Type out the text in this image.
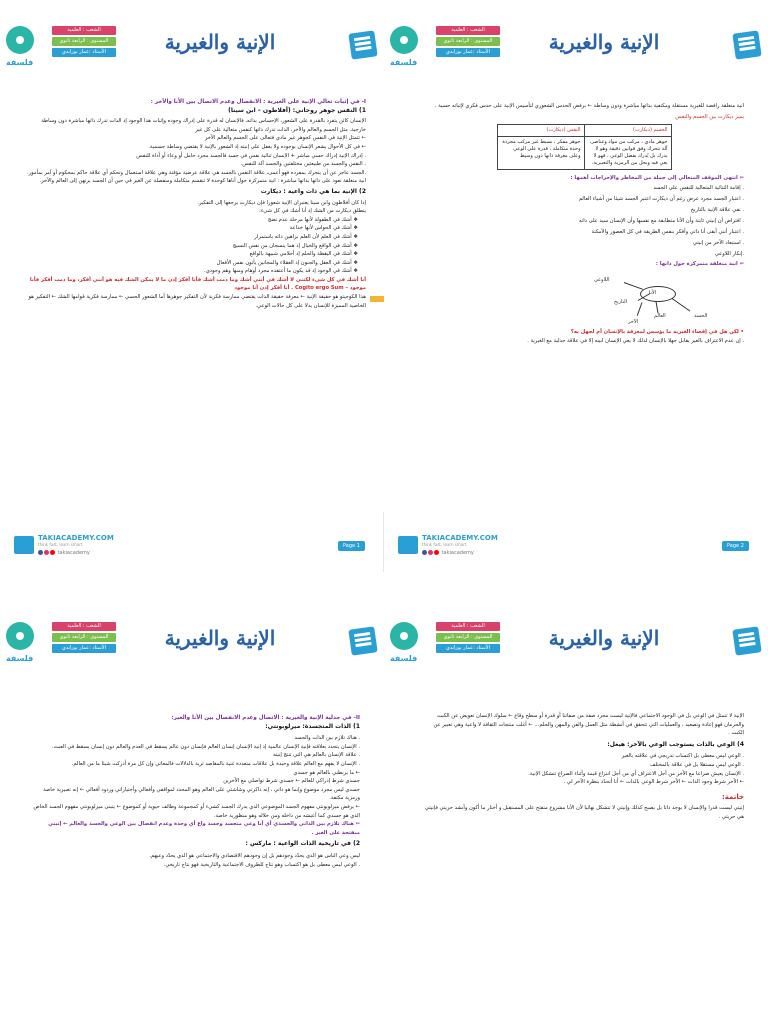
فلسفة
الشعب : العلمية
المستوى : الرابعة ثانوي
الأستاذ :عمار بوزايدي	الإنية والغيرية

I- في إثبات تعالي الإنية على الغيرية : الانفصال وعدم الاتصال بين الأنا والآخر :

1) النفس جوهر روحاني: (أفلاطون – ابن سينا)

الإنسان كائن يتفرد بالقدرة على الشعور، الإحساس بذاته، فالإنسان له قدرة على إدراك وجوده وإثبات هذا الوجود إذ الذات تدرك ذاتها مباشرة دون وساطة خارجية. مثل الجسم والعالم والآخر، الذات تدرك ذاتها كنفس متعالية على كل غير

← تتمثل الإنية في النفس كجوهر غير مادي فتعالى على الجسم والعالم الآخر

← في كل الأحوال يشعر الإنسان بوجوده ولا يغفل على إنيته إذ الشعور بالإنية لا يقتضي وساطة جسمية.

. إدراك الإنية إدراك حسي مباشر + الإنسان ثنائية نفس في جسد فالجسد مجرد حامل أو وعاء أو أداة للنفس

. النفس والجسد من طبيعتين مختلفتين والجسد آلة للنفس.

.الجسد عاجز عن أن يتحرك بمفرده فهو أعمى، علاقة النفس بالجسد هي علاقة عرضية مؤقتة وهي علاقة استعمال وتحكم أي علاقة حاكم بمحكوم أو آمر بمأمور.

انية منغلقة تعود على ذاتها بذاتها مباشرة : انية متمركزة حول أناها كوحدة لا تنقسم متكاملة ومنفصلة عن الغير في حين أن الجسد يرتهن إلى العالم والآخر.

2) الإنية بما هي ذات واعية : ديكارت

إذا كان أفلاطون وابن سينا يعتبران الإنية شعورا فإن ديكارت يرجعها إلى التفكير.

ينطلق ديكارت من الشك إذ أنا أشك في كل شيء:

❖ أشك في الطفولة لأنها مرحلة عدم نضج
❖ أشك في الحواس لأنها خداعة
❖ أشك في العلم لأن العلم براهين ذاته باستمرار
❖ أشك في الواقع والخيال إذ هما ينسجان من نفس النسيج
❖ أشك في اليقظة والحلم إذ أحلامي شبيهة بالواقع
❖ أشك في العقل والجنون إذ العقلاء والمجانين يأتون نفس الأفعال
❖ أشك في الوجود إذ قد يكون ما أعتقده مجرد أوهام ومنها وهم وجودي.

أنا أشك في كل شيء لكنني لا أشك في أنني أشك وما دمت أشك فأنا أفكر إذن ما لا يمكن الشك فيه هو أنني أفكر، وما دمت أفكر فأنا موجود – Cogito ergo Sum . أنا أفكر إذن أنا موجود

هذا الكوجيتو هو حقيقة الإنية ← معرفة حقيقة الذات يقتضي ممارسة فكرية لأن التفكير جوهرها أما الشعور الحسي ← ممارسة فكرية قوامها الشك ← التفكير هو الخاصية المميزة للإنسان بدلا على كل حالات الوعي.

فلسفة
الشعب : العلمية
المستوى : الرابعة ثانوي
الأستاذ :عمار بوزايدي	الإنية والغيرية

انية منغلقة رافضة للغيرية مستقلة ومكتفية بذاتها مباشرة ودون وساطة ← برفض الحدس الشعوري لتأسيس الإنية على حدس فكري لإثباته حسية .

يميز ديكارت بين الجسم والنفس

الجسم (ديكارت)	النفس (ديكارت)
جوهر مادي ، مركب من مواد وعناصر، آلة تتحرك وفق قوانين دقيقة وهو لا يدرك بل يُدرك بفضل الوعي ، فهو لا يعي فيه وبحل من الرمزية والتعبيرية.	جوهر مفكر ، بسيط غير مركب مجردة وحدة متكاملة ، قدرة على الوعي وعلى معرفة ذاتها دون وسيط

⇐ انتهى الموقف المتعالي إلى جملة من المخاطر والإحراجات أهمها :

. إقامة الثنائية المتعالية للنفس على الجسد
. اعتبار الجسد مجرد عرض رغم أن ديكارت اعتبر الجسد شيئا من أشياء العالم
. نفي علاقة الإنية بالتاريخ
. افتراض أن إنيتي ثابتة وأن الأنا متطابقة مع نفسها وأن الإنسان سيد على ذاته
. اعتبار أنني أبقى أنا ذاتي وأفكر بنفس الطريقة في كل العصور والأمكنة
. استبعاد الآخر من إنيتي
.إنكار اللاوعي

⇐ انية منغلقة متمركزة حول ذاتها :

الأنا
اللاوعي
التاريخ
العالم	الجسد
الآخر

• لكن هل في إقصاء الغيرية ما يؤسس لمعرفة بالإنسان أم لجهل به؟

. إن عدم الاعتراف بالغير يقابل جهلا بالإنسان لذلك لا يعي الإنسان انيته إلا في علاقة جدلية مع الغيرية .

TAKIACADEMY.COM
think fast, learn smart
takiacademy
Page 1
TAKIACADEMY.COM
think fast, learn smart
takiacademy
Page 2
فلسفة
الشعب : العلمية
المستوى : الرابعة ثانوي
الأستاذ :عمار بوزايدي	الإنية والغيرية

II- في جدلية الإنية والغيرية : الاتصال وعدم الانفصال بين الأنا والغير:

1) الذات المتجسدة: ميرلوبونتي:

. هناك تلازم بين الذات والجسد

. الإنسان يتحدد بعلاقته فإنية الإنسان عالمية إذ إنية الإنسان إنسان العالم فإنسان دون عالم يسقط في العدم والعالم دون إنسان يسقط في العبث.

. علاقة الإنسان بالعالم هي التي تنتج إنيته

. الإنسان لا يفهم مع العالم علاقة وحيدة بل علاقات متعددة غنية بالمقاصد ثرية بالدلالات فالمعاني وإن كل مرة أدركت شيئا ما من العالم.

← ما يربطني بالعالم هو جسدي

جسدي شرط إدراكي للعالم ← جسدي شرط تواصلي مع الآخرين

جسدي ليس مجرد موضوع وإنما هو ذاتي ، إنه ذاكرتي وشاشتي على العالم وهو المحدد لمواقفي وأفعالي وأختياراتي وردود أفعالي ← إنه تعبيرية خاصة ورمزية مكثفة.

← يرفض ميرلوبونتي مفهوم الجسد الموضوعي الذي يدرك الجسد كشيء أو كمجموعة وظائف حيوية أو كموضوع ← يتبنى ميرلوبونتي مفهوم الجسد الخاص الذي هو جسدي كما أعيشه من داخله ومن خلاله وهو منظورية خاصة.

⇐ هناك تلازم بين الذاتي والجسدي أي أنا وعي متجسد وجسد واع أي وحدة وعدم انفصال بين الوعي والجسد والعالم ← إنيتي منفتحة على الغير .

2) في تاريخية الذات الواعية : ماركس :

ليس وعي الناس هو الذي يحدّد وجودهم بل إن وجودهم الاقتصادي والاجتماعي هو الذي يحدّد وعيهم.

. الوعي ليس معطى بل هو اكتساب وهو نتاج للظروف الاجتماعية والتاريخية فهو نتاج تاريخي.

فلسفة
الشعب : العلمية
المستوى : الرابعة ثانوي
الأستاذ :عمار بوزايدي	الإنية والغيرية

الإنية لا تتمثل في الوعي بل في الوجود الاجتماعي فالإنية ليست مجرد صفة من صفاتنا أو قدرة أو سطح وقاع ← سلوك الإنسان تعويض عن الكبت والحرمان فهو إعادة وتصعيد ، والعمليات التي تتحقق في أنشطة مثل العمل والفن والمهن والحلم... ← أغلب منتجات الثقافة لا واعية وهي تعبير عن الكبت .

4) الوعي بالذات يستوجب الوعي بالآخر: هيغل:

. الوعي ليس معطى بل اكتساب تدريجي في علاقته بالغير

. الوعي ليس مستقلا بل في علاقة بالمختلف

. الإنسان يعيش صراعا مع الآخر من أجل الاعتراف أي من أجل انتزاع قيمة وأثناء الصراع تتشكل الإنية.

← الآخر شرط وجود الذات ← الآخر شرط الوعي بالذات ← أنا أتحدّد بنظرة الآخر لي .

خاتمة:

إنيتي ليست قدرا والإنسان لا يوجد ذاتا بل يصبح كذلك وإنيتي لا تتشكل نهائيا لأن الأنا مشروع منفتح على المستقبل و أختار ما أكون وأنشد حريتي فإنيتي هي حريتي .
